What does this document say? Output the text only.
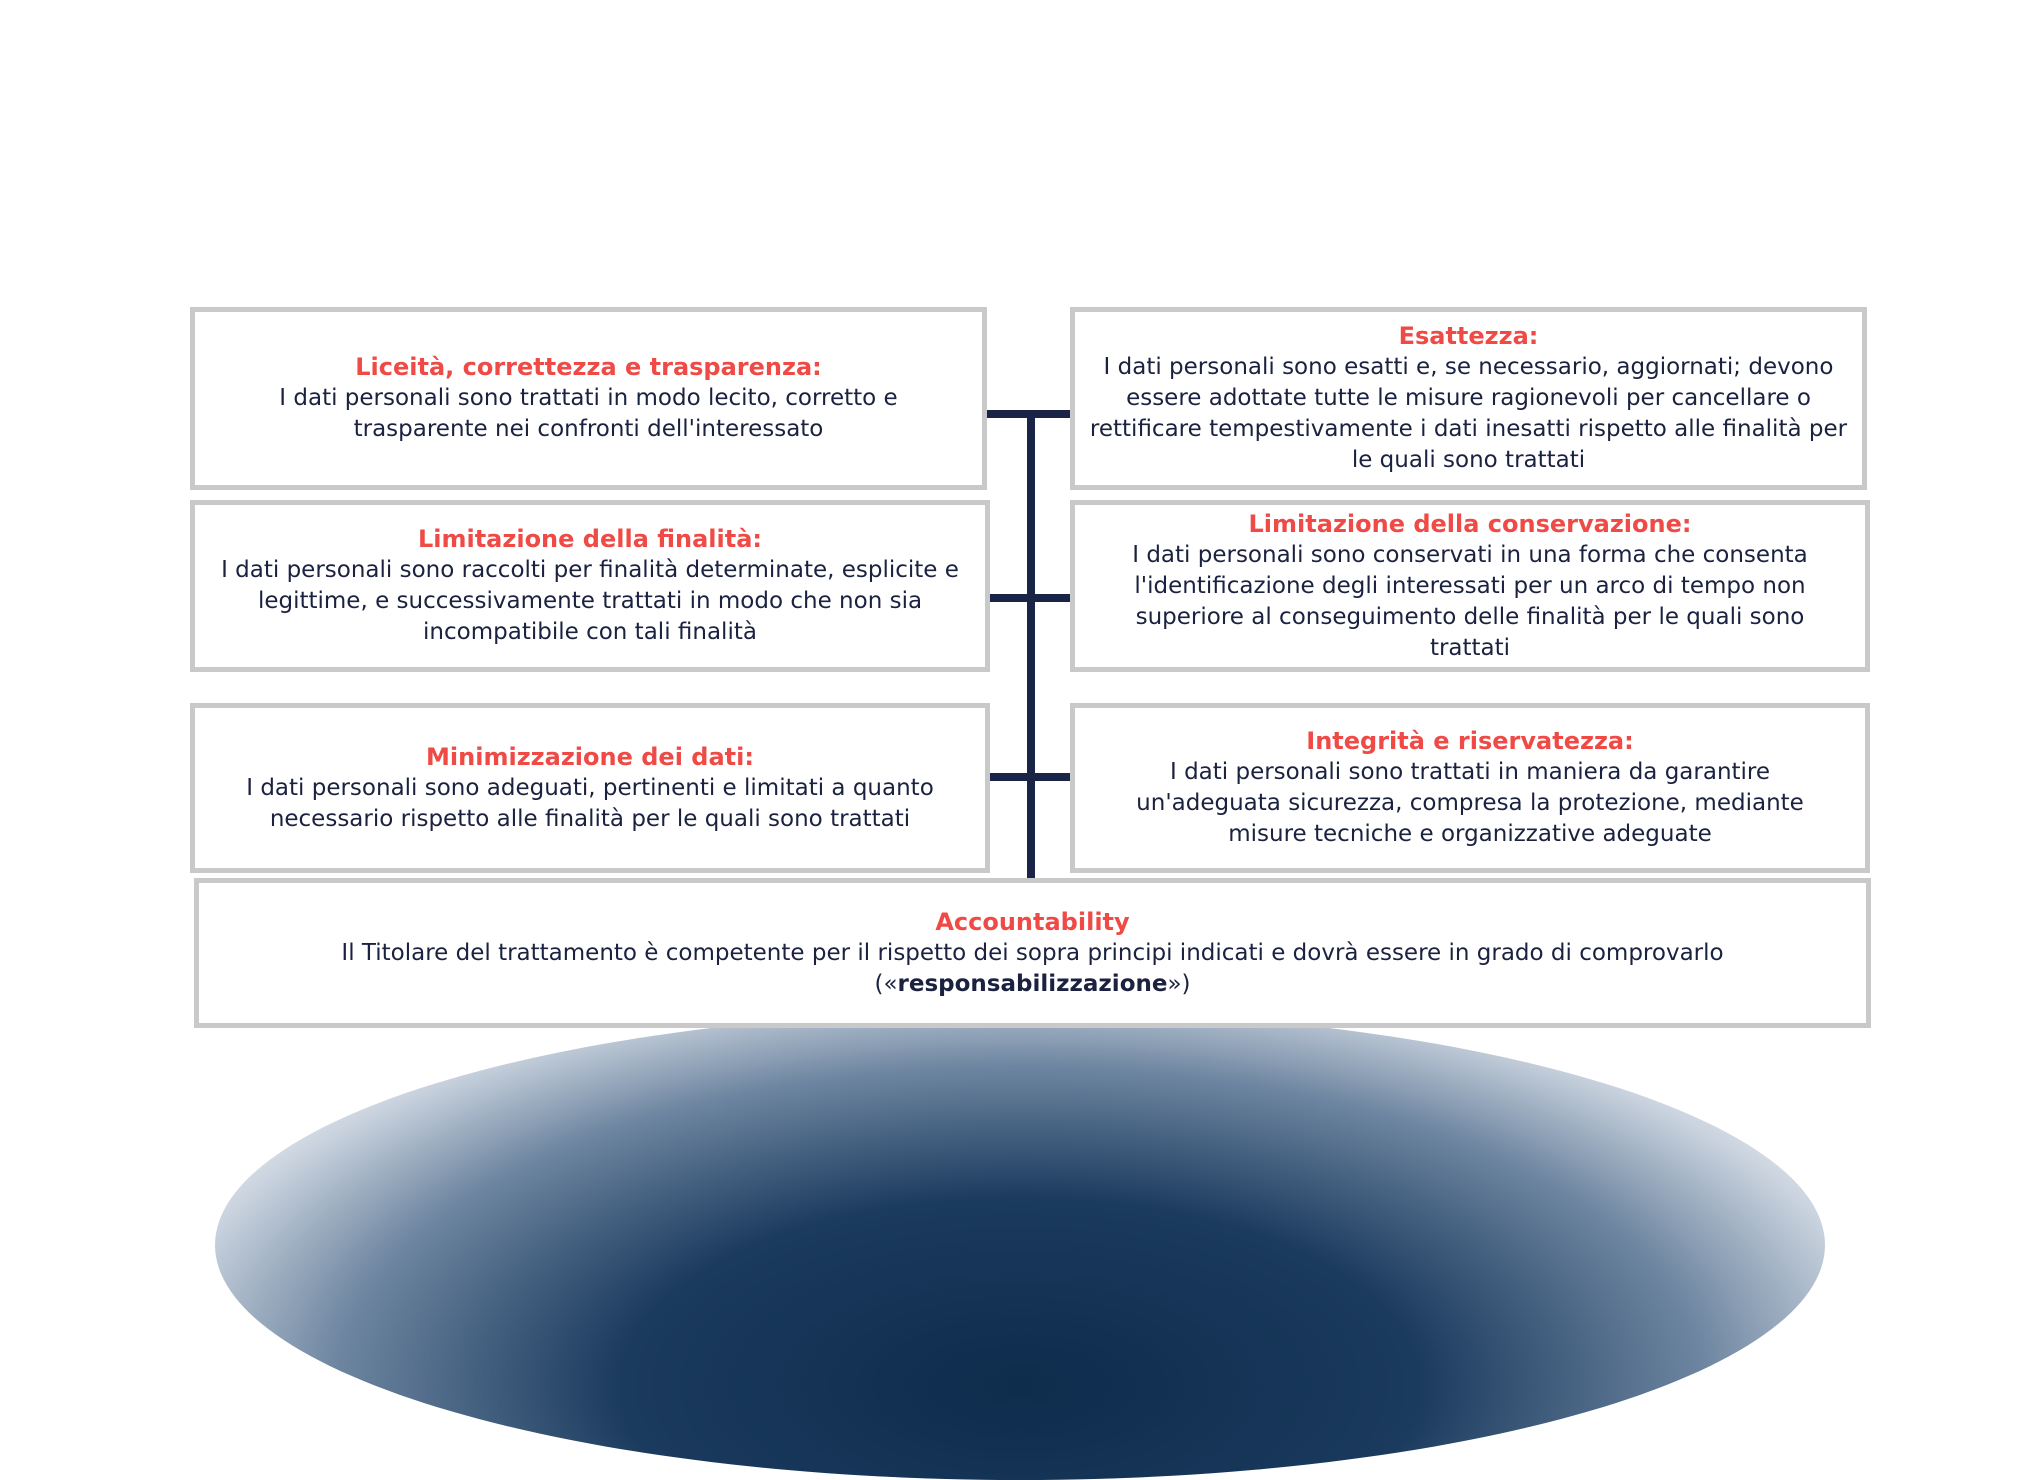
Liceità, correttezza e trasparenza:
I dati personali sono trattati in modo lecito, corretto e trasparente nei confronti dell'interessato
Limitazione della finalità:
I dati personali sono raccolti per finalità determinate, esplicite e legittime, e successivamente trattati in modo che non sia incompatibile con tali finalità
Minimizzazione dei dati:
I dati personali sono adeguati, pertinenti e limitati a quanto necessario rispetto alle finalità per le quali sono trattati
Esattezza:
I dati personali sono esatti e, se necessario, aggiornati; devono essere adottate tutte le misure ragionevoli per cancellare o rettificare tempestivamente i dati inesatti rispetto alle finalità per le quali sono trattati
Limitazione della conservazione:
I dati personali sono conservati in una forma che consenta l'identificazione degli interessati per un arco di tempo non superiore al conseguimento delle finalità per le quali sono trattati
Integrità e riservatezza:
I dati personali sono trattati in maniera da garantire un'adeguata sicurezza, compresa la protezione, mediante misure tecniche e organizzative adeguate
Accountability
Il Titolare del trattamento è competente per il rispetto dei sopra principi indicati e dovrà essere in grado di comprovarlo («responsabilizzazione»)
